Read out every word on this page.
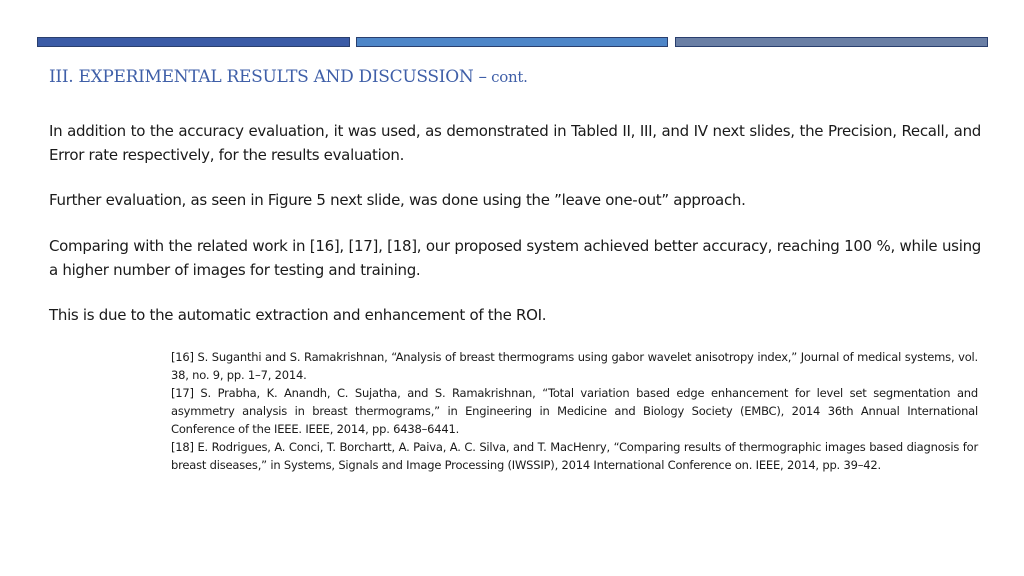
III. EXPERIMENTAL RESULTS AND DISCUSSION – cont.
In addition to the accuracy evaluation, it was used, as demonstrated in Tabled II, III, and IV next slides, the Precision, Recall, and Error rate respectively, for the results evaluation.
Further evaluation, as seen in Figure 5 next slide, was done using the ”leave one-out” approach.
Comparing with the related work in [16], [17], [18], our proposed system achieved better accuracy, reaching 100 %, while using a higher number of images for testing and training.
This is due to the automatic extraction and enhancement of the ROI.

[16] S. Suganthi and S. Ramakrishnan, “Analysis of breast thermograms using gabor wavelet anisotropy index,” Journal of medical systems, vol. 38, no. 9, pp. 1–7, 2014.

[17] S. Prabha, K. Anandh, C. Sujatha, and S. Ramakrishnan, “Total variation based edge enhancement for level set segmentation and asymmetry analysis in breast thermograms,” in Engineering in Medicine and Biology Society (EMBC), 2014 36th Annual International Conference of the IEEE. IEEE, 2014, pp. 6438–6441.

[18] E. Rodrigues, A. Conci, T. Borchartt, A. Paiva, A. C. Silva, and T. MacHenry, “Comparing results of thermographic images based diagnosis for breast diseases,” in Systems, Signals and Image Processing (IWSSIP), 2014 International Conference on. IEEE, 2014, pp. 39–42.
